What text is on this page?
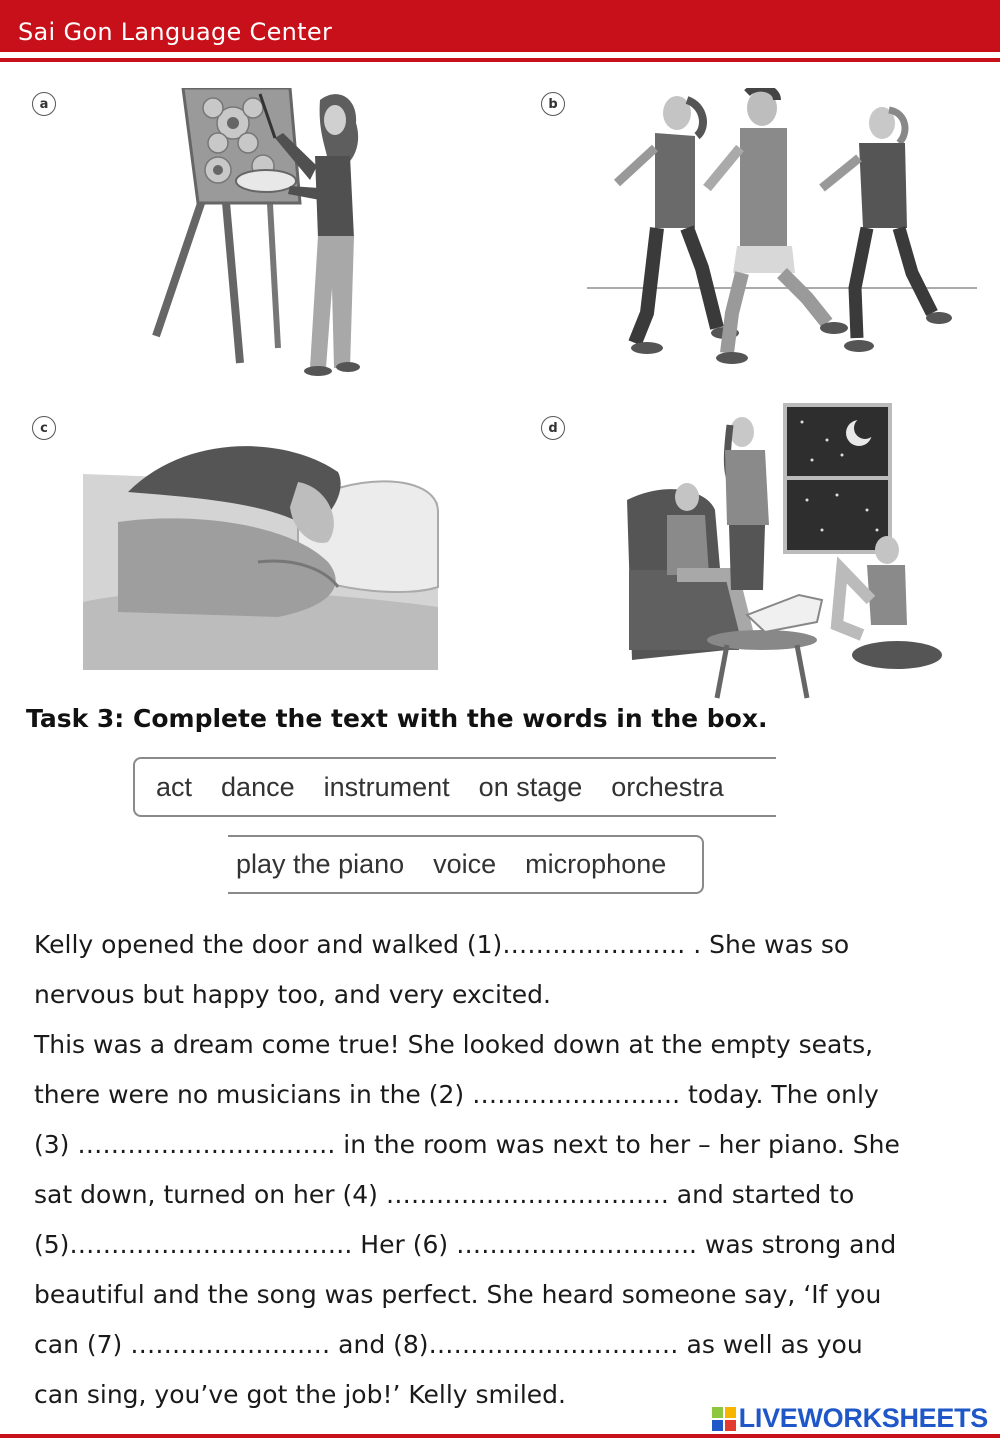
Sai Gon Language Center
a	b
c	d
Task 3: Complete the text with the words in the box.
act dance instrument on stage orchestra
play the piano voice microphone

Kelly opened the door and walked (1)…………………. . She was so

nervous but happy too, and very excited.

This was a dream come true! She looked down at the empty seats,

there were no musicians in the (2) ……………………. today. The only

(3) …………………………. in the room was next to her – her piano. She

sat down, turned on her (4) ……………………………. and started to

(5)……………………………. Her (6) ……………………….. was strong and

beautiful and the song was perfect. She heard someone say, ‘If you

can (7) …………………… and (8)………………………… as well as you

can sing, you’ve got the job!’ Kelly smiled.

LIVEWORKSHEETS
